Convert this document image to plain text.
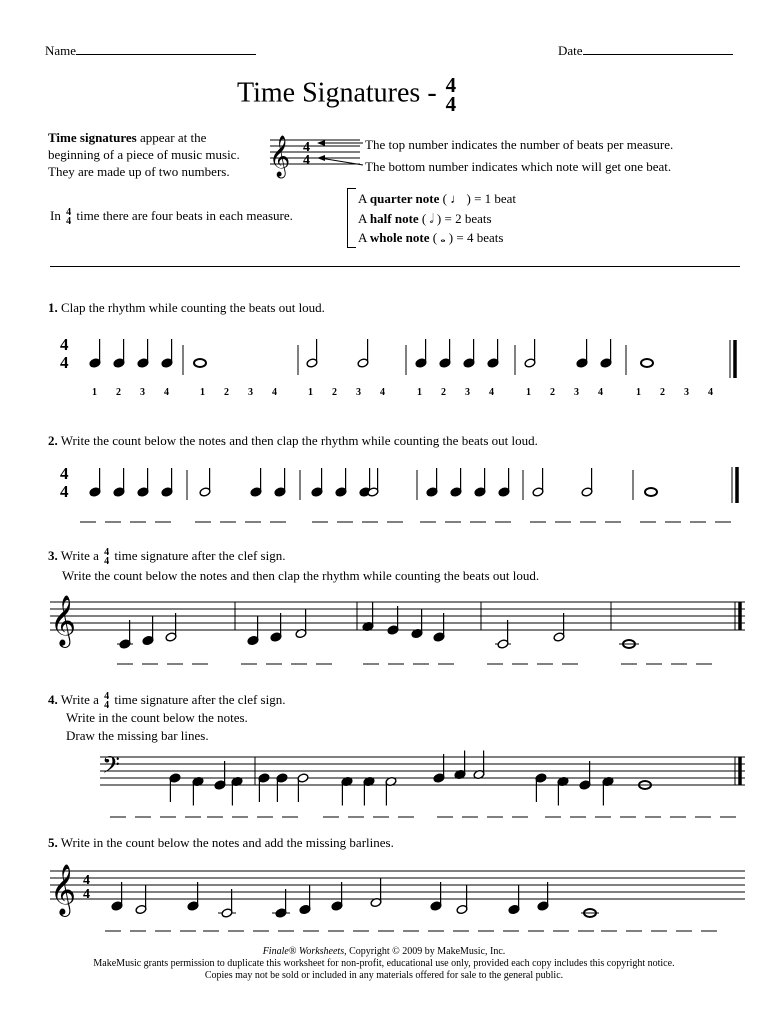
Name	Date
Time Signatures - 4
4
Time signatures appear at the beginning of a piece of music music. They are made up of two numbers.
In 4
4 time there are four beats in each measure.
𝄞 4
4
The top number indicates the number of beats per measure.
The bottom number indicates which note will get one beat.
A quarter note ( ♩ ) = 1 beat
A half note ( 𝅗𝅥 ) = 2 beats
A whole note ( 𝅝 ) = 4 beats
1. Clap the rhythm while counting the beats out loud.
4
4
1 2 3 4	1 2 3 4	1 2 3 4	1 2 3 4	1 2 3 4	1 2 3 4
2. Write the count below the notes and then clap the rhythm while counting the beats out loud.
4
4
3. Write a 4
4 time signature after the clef sign.
Write the count below the notes and then clap the rhythm while counting the beats out loud.
𝄞
4. Write a 4
4 time signature after the clef sign.
Write in the count below the notes.
Draw the missing bar lines.
𝄢
5. Write in the count below the notes and add the missing barlines.
𝄞 4
4
Finale® Worksheets, Copyright © 2009 by MakeMusic, Inc.
MakeMusic grants permission to duplicate this worksheet for non-profit, educational use only, provided each copy includes this copyright notice.
Copies may not be sold or included in any materials offered for sale to the general public.
